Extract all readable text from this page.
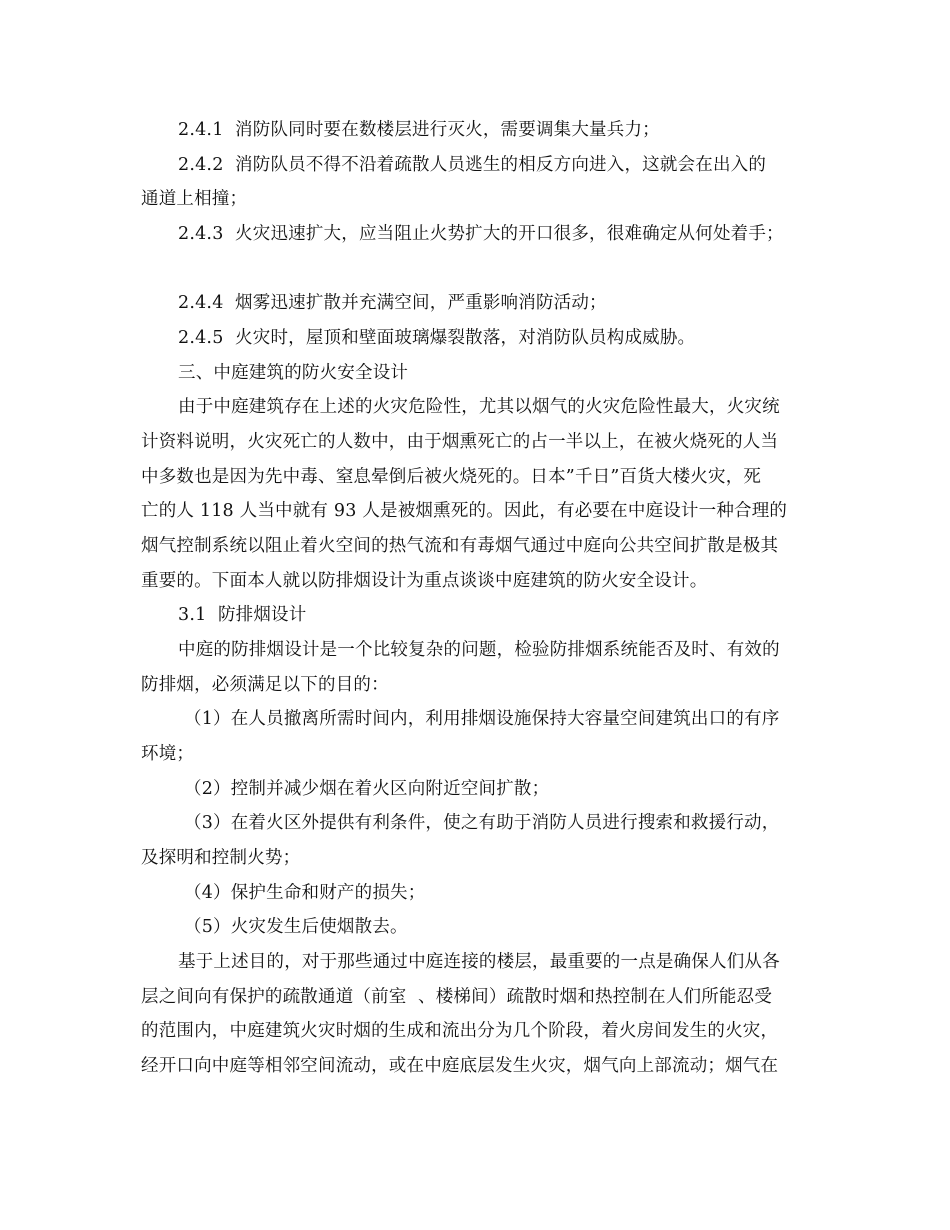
2.4.1  消防队同时要在数楼层进行灭火，需要调集大量兵力；
2.4.2  消防队员不得不沿着疏散人员逃生的相反方向进入，这就会在出入的
通道上相撞；
2.4.3  火灾迅速扩大，应当阻止火势扩大的开口很多，很难确定从何处着手；
2.4.4  烟雾迅速扩散并充满空间，严重影响消防活动；
2.4.5  火灾时，屋顶和壁面玻璃爆裂散落，对消防队员构成威胁。
三、中庭建筑的防火安全设计
由于中庭建筑存在上述的火灾危险性，尤其以烟气的火灾危险性最大，火灾统
计资料说明，火灾死亡的人数中，由于烟熏死亡的占一半以上，在被火烧死的人当
中多数也是因为先中毒、窒息晕倒后被火烧死的。日本”千日”百货大楼火灾，死
亡的人 118 人当中就有 93 人是被烟熏死的。因此，有必要在中庭设计一种合理的
烟气控制系统以阻止着火空间的热气流和有毒烟气通过中庭向公共空间扩散是极其
重要的。下面本人就以防排烟设计为重点谈谈中庭建筑的防火安全设计。
3.1  防排烟设计
中庭的防排烟设计是一个比较复杂的问题，检验防排烟系统能否及时、有效的
防排烟，必须满足以下的目的：
（1）在人员撤离所需时间内，利用排烟设施保持大容量空间建筑出口的有序
环境；
（2）控制并减少烟在着火区向附近空间扩散；
（3）在着火区外提供有利条件，使之有助于消防人员进行搜索和救援行动，
及探明和控制火势；
（4）保护生命和财产的损失；
（5）火灾发生后使烟散去。
基于上述目的，对于那些通过中庭连接的楼层，最重要的一点是确保人们从各
层之间向有保护的疏散通道（前室  、楼梯间）疏散时烟和热控制在人们所能忍受
的范围内，中庭建筑火灾时烟的生成和流出分为几个阶段，着火房间发生的火灾，
经开口向中庭等相邻空间流动，或在中庭底层发生火灾，烟气向上部流动；烟气在
